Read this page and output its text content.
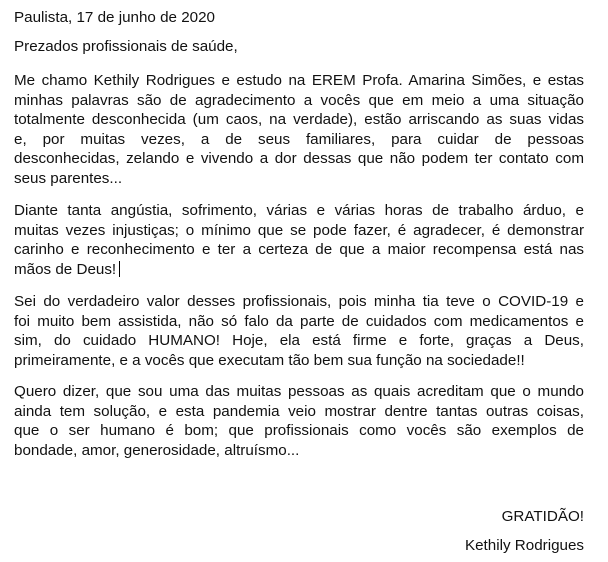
Paulista, 17 de junho de 2020
Prezados profissionais de saúde,
Me chamo Kethily Rodrigues e estudo na EREM Profa. Amarina Simões, e estas
minhas palavras são de agradecimento a vocês que em meio a uma situação
totalmente desconhecida (um caos, na verdade), estão arriscando as suas vidas
e, por muitas vezes, a de seus familiares, para cuidar de pessoas
desconhecidas, zelando e vivendo a dor dessas que não podem ter contato com
seus parentes...
Diante tanta angústia, sofrimento, várias e várias horas de trabalho árduo, e
muitas vezes injustiças; o mínimo que se pode fazer, é agradecer, é demonstrar
carinho e reconhecimento e ter a certeza de que a maior recompensa está nas
mãos de Deus!
Sei do verdadeiro valor desses profissionais, pois minha tia teve o COVID-19 e
foi muito bem assistida, não só falo da parte de cuidados com medicamentos e
sim, do cuidado HUMANO! Hoje, ela está firme e forte, graças a Deus,
primeiramente, e a vocês que executam tão bem sua função na sociedade!!
Quero dizer, que sou uma das muitas pessoas as quais acreditam que o mundo
ainda tem solução, e esta pandemia veio mostrar dentre tantas outras coisas,
que o ser humano é bom; que profissionais como vocês são exemplos de
bondade, amor, generosidade, altruísmo...
GRATIDÃO!
Kethily Rodrigues
